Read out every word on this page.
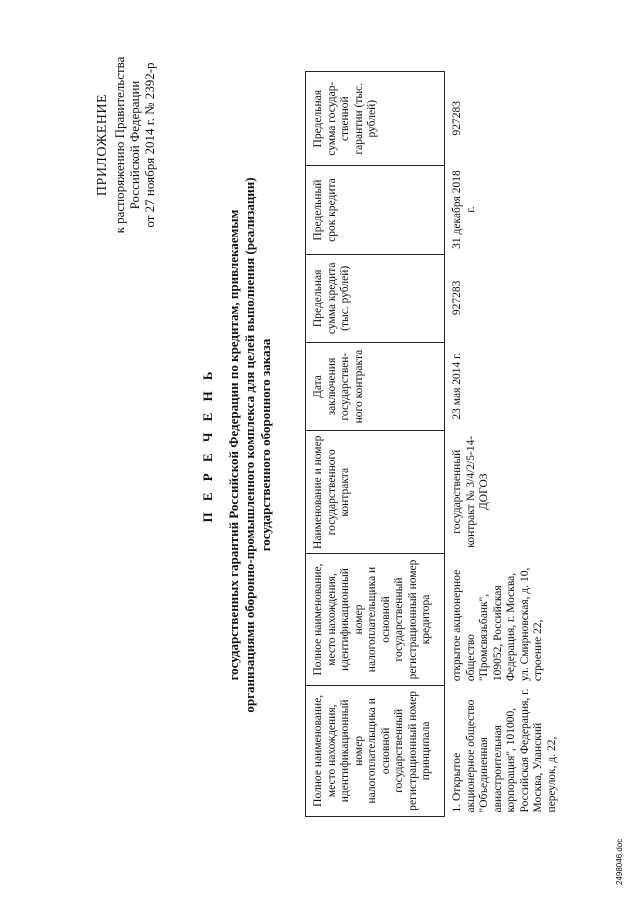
ПРИЛОЖЕНИЕ к распоряжению Правительства Российской Федерации от 27 ноября 2014 г. № 2392-р
П Е Р Е Ч Е Н Ь государственных гарантий Российской Федерации по кредитам, привлекаемым организациями оборонно-промышленного комплекса для целей выполнения (реализации) государственного оборонного заказа
Полное наименование, место нахождения, идентификационный номер налогоплательщика и основной государственный регистрационный номер принципала	Полное наименование, место нахождения, идентификационный номер налогоплательщика и основной государственный регистрационный номер кредитора	Наименование и номер государственного контракта	Дата заключения государствен-ного контракта	Предельная сумма кредита (тыс. рублей)	Предельный срок кредита	Предельная сумма государ-ственной гарантии (тыс. рублей)
1. Открытое акционерное общество "Объединенная авиастроительная корпорация", 101000, Российская Федерация, г. Москва, Уланский переулок, д. 22,	открытое акционерное общество "Промсвязьбанк", 109052, Российская Федерация, г. Москва, ул. Смирновская, д. 10, строение 22,	государственный контракт № 3/4/2/5-14-ДОГОЗ	23 мая 2014 г.	927283	31 декабря 2018 г.	927283
2498046.doc
